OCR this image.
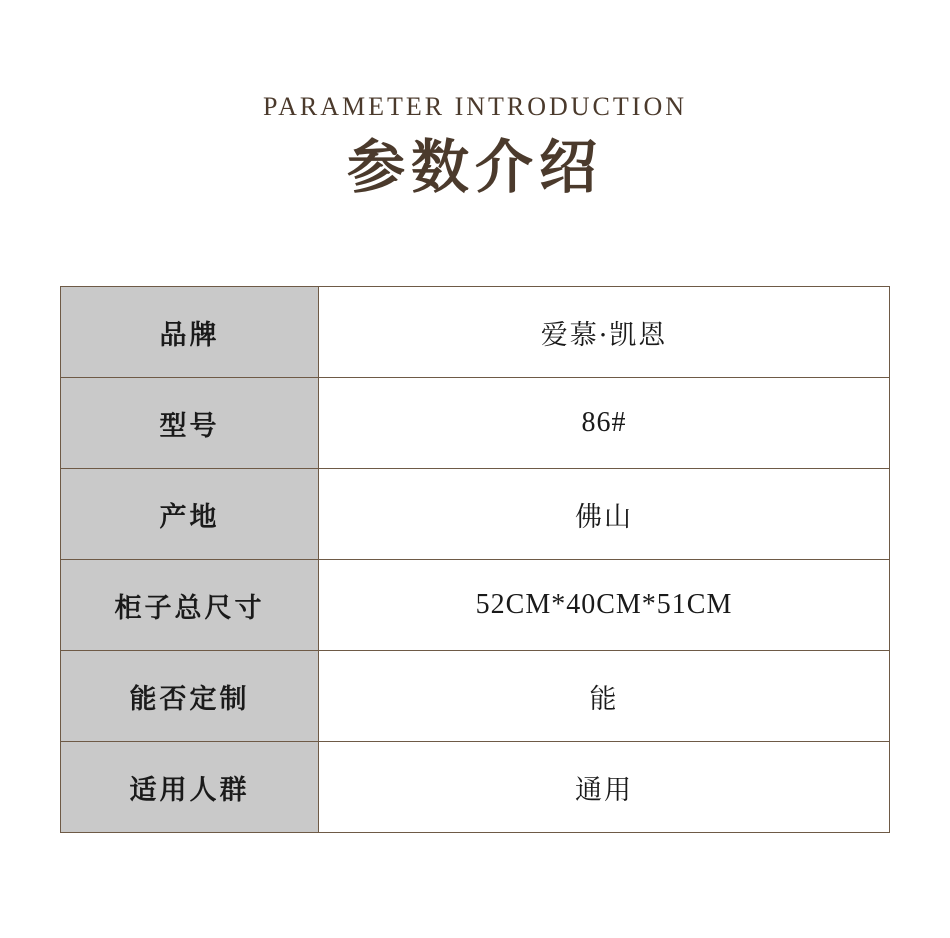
PARAMETER INTRODUCTION
参数介绍
品牌	爱慕·凯恩
型号	86#
产地	佛山
柜子总尺寸	52CM*40CM*51CM
能否定制	能
适用人群	通用
